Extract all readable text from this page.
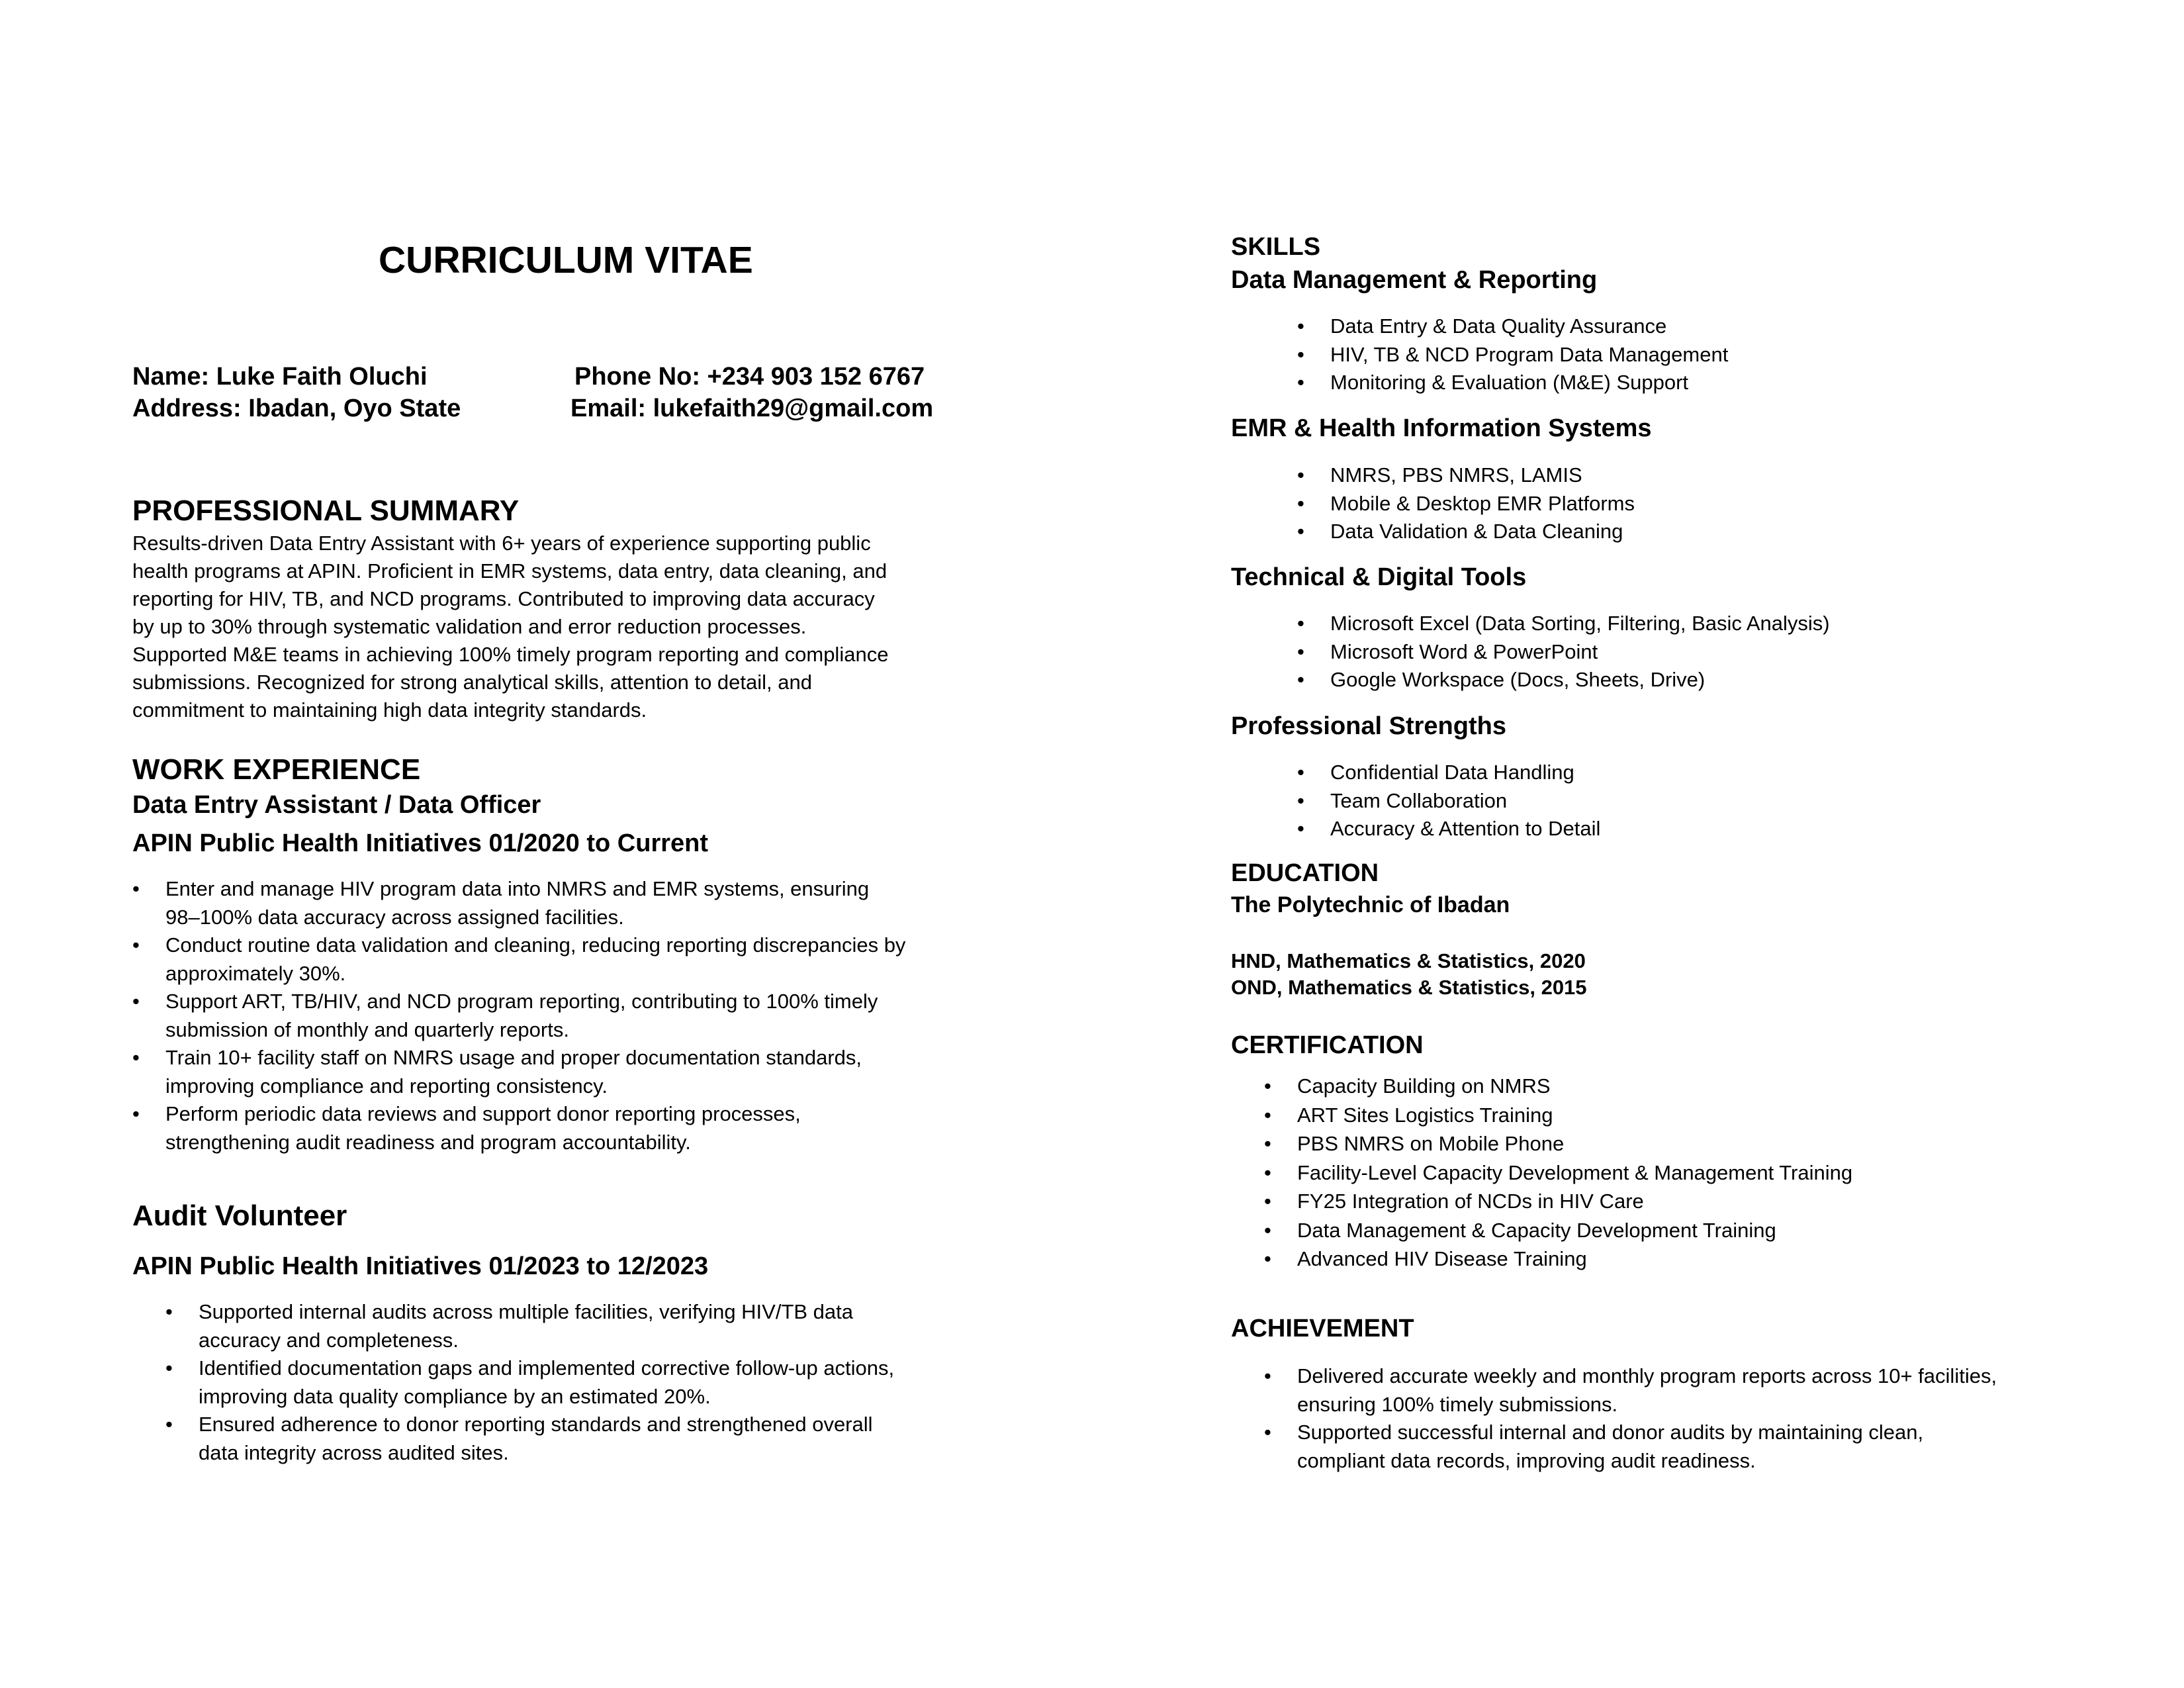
CURRICULUM VITAE
Name: Luke Faith Oluchi
Address: Ibadan, Oyo State
Phone No: +234 903 152 6767
Email: lukefaith29@gmail.com
PROFESSIONAL SUMMARY
Results-driven Data Entry Assistant with 6+ years of experience supporting public
health programs at APIN. Proficient in EMR systems, data entry, data cleaning, and
reporting for HIV, TB, and NCD programs. Contributed to improving data accuracy
by up to 30% through systematic validation and error reduction processes.
Supported M&E teams in achieving 100% timely program reporting and compliance
submissions. Recognized for strong analytical skills, attention to detail, and
commitment to maintaining high data integrity standards.
WORK EXPERIENCE
Data Entry Assistant / Data Officer
APIN Public Health Initiatives 01/2020 to Current
• Enter and manage HIV program data into NMRS and EMR systems, ensuring
98–100% data accuracy across assigned facilities.
• Conduct routine data validation and cleaning, reducing reporting discrepancies by
approximately 30%.
• Support ART, TB/HIV, and NCD program reporting, contributing to 100% timely
submission of monthly and quarterly reports.
• Train 10+ facility staff on NMRS usage and proper documentation standards,
improving compliance and reporting consistency.
• Perform periodic data reviews and support donor reporting processes,
strengthening audit readiness and program accountability.
Audit Volunteer
APIN Public Health Initiatives 01/2023 to 12/2023
• Supported internal audits across multiple facilities, verifying HIV/TB data
accuracy and completeness.
• Identified documentation gaps and implemented corrective follow-up actions,
improving data quality compliance by an estimated 20%.
• Ensured adherence to donor reporting standards and strengthened overall
data integrity across audited sites.
SKILLS
Data Management & Reporting
• Data Entry & Data Quality Assurance
• HIV, TB & NCD Program Data Management
• Monitoring & Evaluation (M&E) Support
EMR & Health Information Systems
• NMRS, PBS NMRS, LAMIS
• Mobile & Desktop EMR Platforms
• Data Validation & Data Cleaning
Technical & Digital Tools
• Microsoft Excel (Data Sorting, Filtering, Basic Analysis)
• Microsoft Word & PowerPoint
• Google Workspace (Docs, Sheets, Drive)
Professional Strengths
• Confidential Data Handling
• Team Collaboration
• Accuracy & Attention to Detail
EDUCATION
The Polytechnic of Ibadan
HND, Mathematics & Statistics, 2020
OND, Mathematics & Statistics, 2015
CERTIFICATION
• Capacity Building on NMRS
• ART Sites Logistics Training
• PBS NMRS on Mobile Phone
• Facility-Level Capacity Development & Management Training
• FY25 Integration of NCDs in HIV Care
• Data Management & Capacity Development Training
• Advanced HIV Disease Training
ACHIEVEMENT
• Delivered accurate weekly and monthly program reports across 10+ facilities,
ensuring 100% timely submissions.
• Supported successful internal and donor audits by maintaining clean,
compliant data records, improving audit readiness.
